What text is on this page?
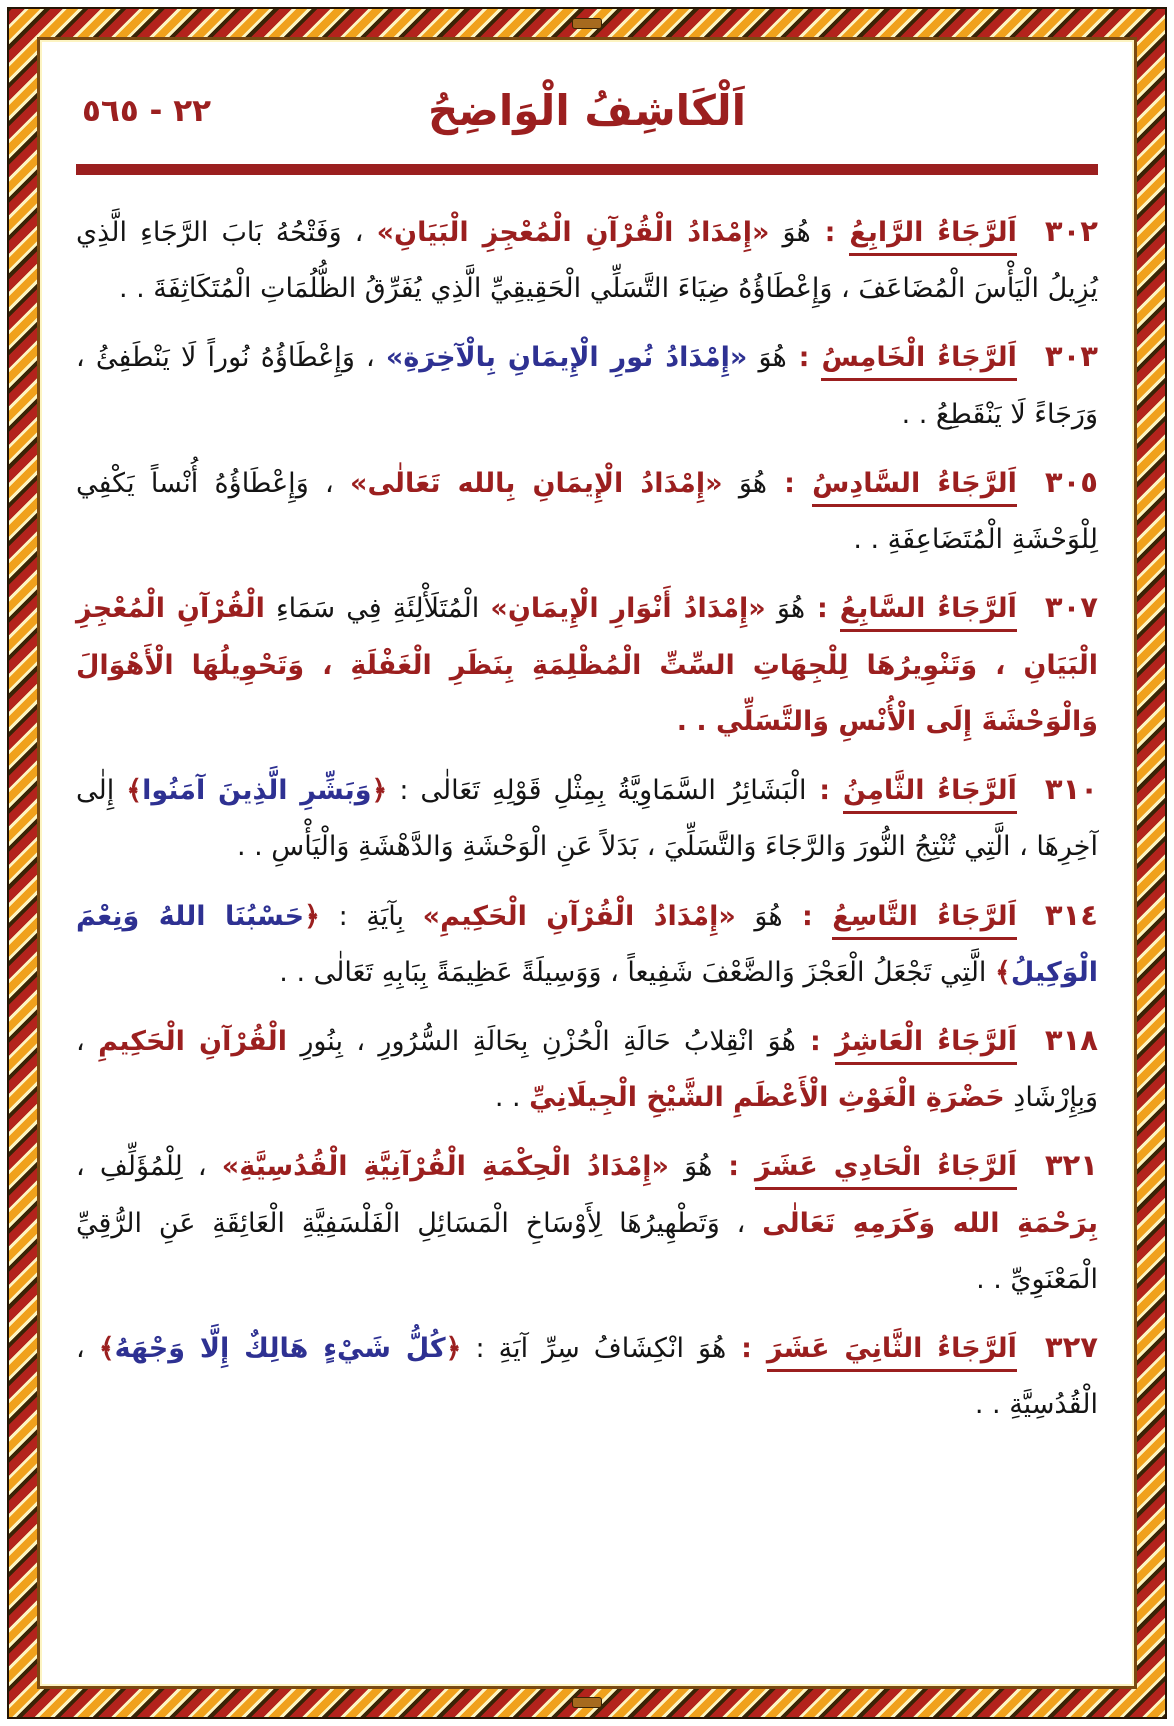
٢٢ - ٥٦٥	اَلْكَاشِفُ الْوَاضِحُ
٣٠٢اَلرَّجَاءُ الرَّابِعُ : هُوَ «إِمْدَادُ الْقُرْآنِ الْمُعْجِزِ الْبَيَانِ» ، وَفَتْحُهُ بَابَ الرَّجَاءِ الَّذِي يُزِيلُ الْيَأْسَ الْمُضَاعَفَ ، وَإِعْطَاؤُهُ ضِيَاءَ التَّسَلِّي الْحَقِيقِيِّ الَّذِي يُفَرِّقُ الظُّلُمَاتِ الْمُتَكَاثِفَةَ . .
٣٠٣اَلرَّجَاءُ الْخَامِسُ : هُوَ «إِمْدَادُ نُورِ الْإِيمَانِ بِالْآخِرَةِ» ، وَإِعْطَاؤُهُ نُوراً لَا يَنْطَفِئُ ، وَرَجَاءً لَا يَنْقَطِعُ . .
٣٠٥اَلرَّجَاءُ السَّادِسُ : هُوَ «إِمْدَادُ الْإِيمَانِ بِالله تَعَالٰى» ، وَإِعْطَاؤُهُ أُنْساً يَكْفِي لِلْوَحْشَةِ الْمُتَضَاعِفَةِ . .
٣٠٧اَلرَّجَاءُ السَّابِعُ : هُوَ «إِمْدَادُ أَنْوَارِ الْإِيمَانِ» الْمُتَلَأْلِئَةِ فِي سَمَاءِ الْقُرْآنِ الْمُعْجِزِ الْبَيَانِ ، وَتَنْوِيرُهَا لِلْجِهَاتِ السِّتِّ الْمُظْلِمَةِ بِنَظَرِ الْغَفْلَةِ ، وَتَحْوِيلُهَا الْأَهْوَالَ وَالْوَحْشَةَ إِلَى الْأُنْسِ وَالتَّسَلِّي . .
٣١٠اَلرَّجَاءُ الثَّامِنُ : الْبَشَائِرُ السَّمَاوِيَّةُ بِمِثْلِ قَوْلِهِ تَعَالٰى : ﴿وَبَشِّرِ الَّذِينَ آمَنُوا﴾ إِلٰى آخِرِهَا ، الَّتِي تُنْتِجُ النُّورَ وَالرَّجَاءَ وَالتَّسَلِّيَ ، بَدَلاً عَنِ الْوَحْشَةِ وَالدَّهْشَةِ وَالْيَأْسِ . .
٣١٤اَلرَّجَاءُ التَّاسِعُ : هُوَ «إِمْدَادُ الْقُرْآنِ الْحَكِيمِ» بِآيَةِ : ﴿حَسْبُنَا اللهُ وَنِعْمَ الْوَكِيلُ﴾ الَّتِي تَجْعَلُ الْعَجْزَ وَالضَّعْفَ شَفِيعاً ، وَوَسِيلَةً عَظِيمَةً بِبَابِهِ تَعَالٰى . .
٣١٨اَلرَّجَاءُ الْعَاشِرُ : هُوَ انْقِلابُ حَالَةِ الْحُزْنِ بِحَالَةِ السُّرُورِ ، بِنُورِ الْقُرْآنِ الْحَكِيمِ ، وَبِإِرْشَادِ حَضْرَةِ الْغَوْثِ الْأَعْظَمِ الشَّيْخِ الْجِيلَانِيِّ . .
٣٢١اَلرَّجَاءُ الْحَادِي عَشَرَ : هُوَ «إِمْدَادُ الْحِكْمَةِ الْقُرْآنِيَّةِ الْقُدُسِيَّةِ» ، لِلْمُؤَلِّفِ ، بِرَحْمَةِ الله وَكَرَمِهِ تَعَالٰى ، وَتَطْهِيرُهَا لِأَوْسَاخِ الْمَسَائِلِ الْفَلْسَفِيَّةِ الْعَائِقَةِ عَنِ الرُّقِيِّ الْمَعْنَوِيِّ . .
٣٢٧اَلرَّجَاءُ الثَّانِيَ عَشَرَ : هُوَ انْكِشَافُ سِرِّ آيَةِ : ﴿كُلُّ شَيْءٍ هَالِكٌ إِلَّا وَجْهَهُ﴾ ، الْقُدُسِيَّةِ . .
